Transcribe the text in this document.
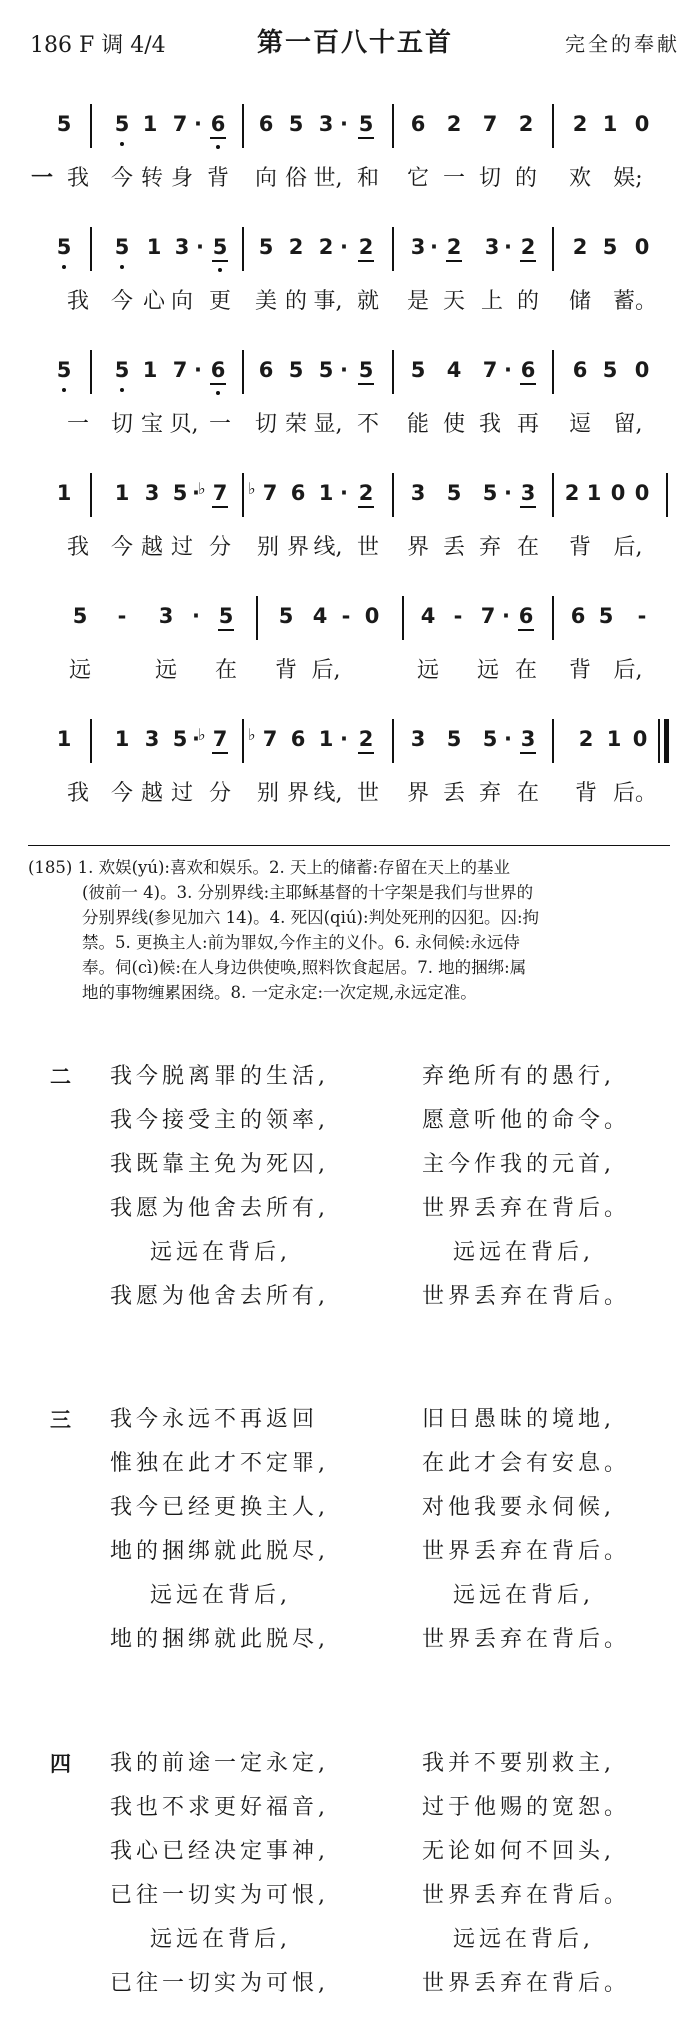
186 F 调 4/4	第一百八十五首	完全的奉献
5 5 1 7 · 6 6 5 3 · 5 6 2 7 2 2 1 0
一 我 今 转 身 背 向 俗 世, 和 它 一 切 的 欢 娱;
5 5 1 3 · 5 5 2 2 · 2 3 · 2 3 · 2 2 5 0
我 今 心 向 更 美 的 事, 就 是 天 上 的 储 蓄。
5 5 1 7 · 6 6 5 5 · 5 5 4 7 · 6 6 5 0
一 切 宝 贝, 一 切 荣 显, 不 能 使 我 再 逗 留,
1 1 3 5 ·
♭ 7 ♭ 7 6 1 · 2 3 5 5 · 3 2 1 0 0
我 今 越 过 分 别 界 线, 世 界 丢 弃 在 背 后,
5 - 3 · 5 5 4 - 0 4 - 7 · 6 6 5 -
远	远 在 背 后,	远 远 在 背 后,
1 1 3 5 ·
♭ 7 ♭ 7 6 1 · 2 3 5 5 · 3 2 1 0
我 今 越 过 分 别 界 线, 世 界 丢 弃 在 背 后。
(185) 1. 欢娱(yú):喜欢和娱乐。2. 天上的储蓄:存留在天上的基业
(彼前一 4)。3. 分别界线:主耶稣基督的十字架是我们与世界的
分别界线(参见加六 14)。4. 死囚(qiú):判处死刑的囚犯。囚:拘
禁。5. 更换主人:前为罪奴,今作主的义仆。6. 永伺候:永远侍
奉。伺(cì)候:在人身边供使唤,照料饮食起居。7. 地的捆绑:属
地的事物缠累困绕。8. 一定永定:一次定规,永远定准。
二 我今脱离罪的生活,	弃绝所有的愚行,
我今接受主的领率,	愿意听他的命令。
我既靠主免为死囚,	主今作我的元首,
我愿为他舍去所有,	世界丢弃在背后。
远远在背后,	远远在背后,
我愿为他舍去所有,	世界丢弃在背后。
三 我今永远不再返回	旧日愚昧的境地,
惟独在此才不定罪,	在此才会有安息。
我今已经更换主人,	对他我要永伺候,
地的捆绑就此脱尽,	世界丢弃在背后。
远远在背后,	远远在背后,
地的捆绑就此脱尽,	世界丢弃在背后。
四 我的前途一定永定,	我并不要别救主,
我也不求更好福音,	过于他赐的宽恕。
我心已经决定事神,	无论如何不回头,
已往一切实为可恨,	世界丢弃在背后。
远远在背后,	远远在背后,
已往一切实为可恨,	世界丢弃在背后。
